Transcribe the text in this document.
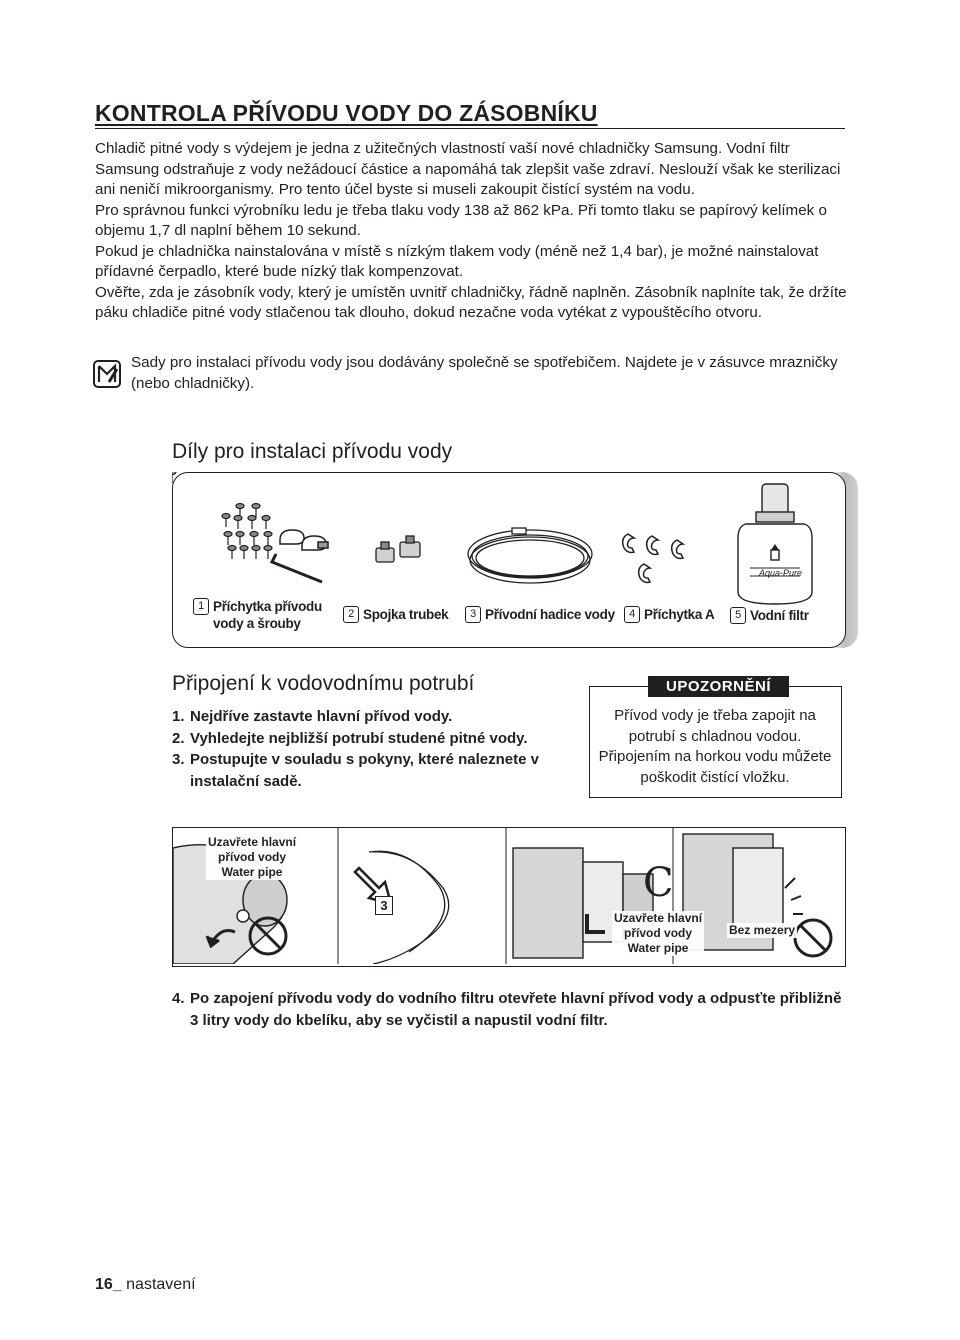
KONTROLA PŘÍVODU VODY DO ZÁSOBNÍKU

Chladič pitné vody s výdejem je jedna z užitečných vlastností vaší nové chladničky Samsung. Vodní filtr Samsung odstraňuje z vody nežádoucí částice a napomáhá tak zlepšit vaše zdraví. Neslouží však ke sterilizaci ani neničí mikroorganismy. Pro tento účel byste si museli zakoupit čistící systém na vodu.

Pro správnou funkci výrobníku ledu je třeba tlaku vody 138 až 862 kPa. Při tomto tlaku se papírový kelímek o objemu 1,7 dl naplní během 10 sekund.

Pokud je chladnička nainstalována v místě s nízkým tlakem vody (méně než 1,4 bar), je možné nainstalovat přídavné čerpadlo, které bude nízký tlak kompenzovat.

Ověřte, zda je zásobník vody, který je umístěn uvnitř chladničky, řádně naplněn. Zásobník naplníte tak, že držíte páku chladiče pitné vody stlačenou tak dlouho, dokud nezačne voda vytékat z vypouštěcího otvoru.

Sady pro instalaci přívodu vody jsou dodávány společně se spotřebičem. Najdete je v zásuvce mrazničky (nebo chladničky).
Díly pro instalaci přívodu vody
Aqua-Pure
1 Příchytka přívodu vody a šrouby
2 Spojka trubek	3 Přívodní hadice vody	4 Příchytka A	5 Vodní filtr
Připojení k vodovodnímu potrubí
1. Nejdříve zastavte hlavní přívod vody.
2. Vyhledejte nejbližší potrubí studené pitné vody.
3. Postupujte v souladu s pokyny, které naleznete v instalační sadě.
UPOZORNĚNÍ
Přívod vody je třeba zapojit na potrubí s chladnou vodou. Připojením na horkou vodu můžete poškodit čistící vložku.
C
3
Uzavřete hlavní
přívod vody
Water pipe
Uzavřete hlavní
přívod vody
Water pipe
Bez mezery
4. Po zapojení přívodu vody do vodního filtru otevřete hlavní přívod vody a odpusťte přibližně 3 litry vody do kbelíku, aby se vyčistil a napustil vodní filtr.
16_ nastavení
